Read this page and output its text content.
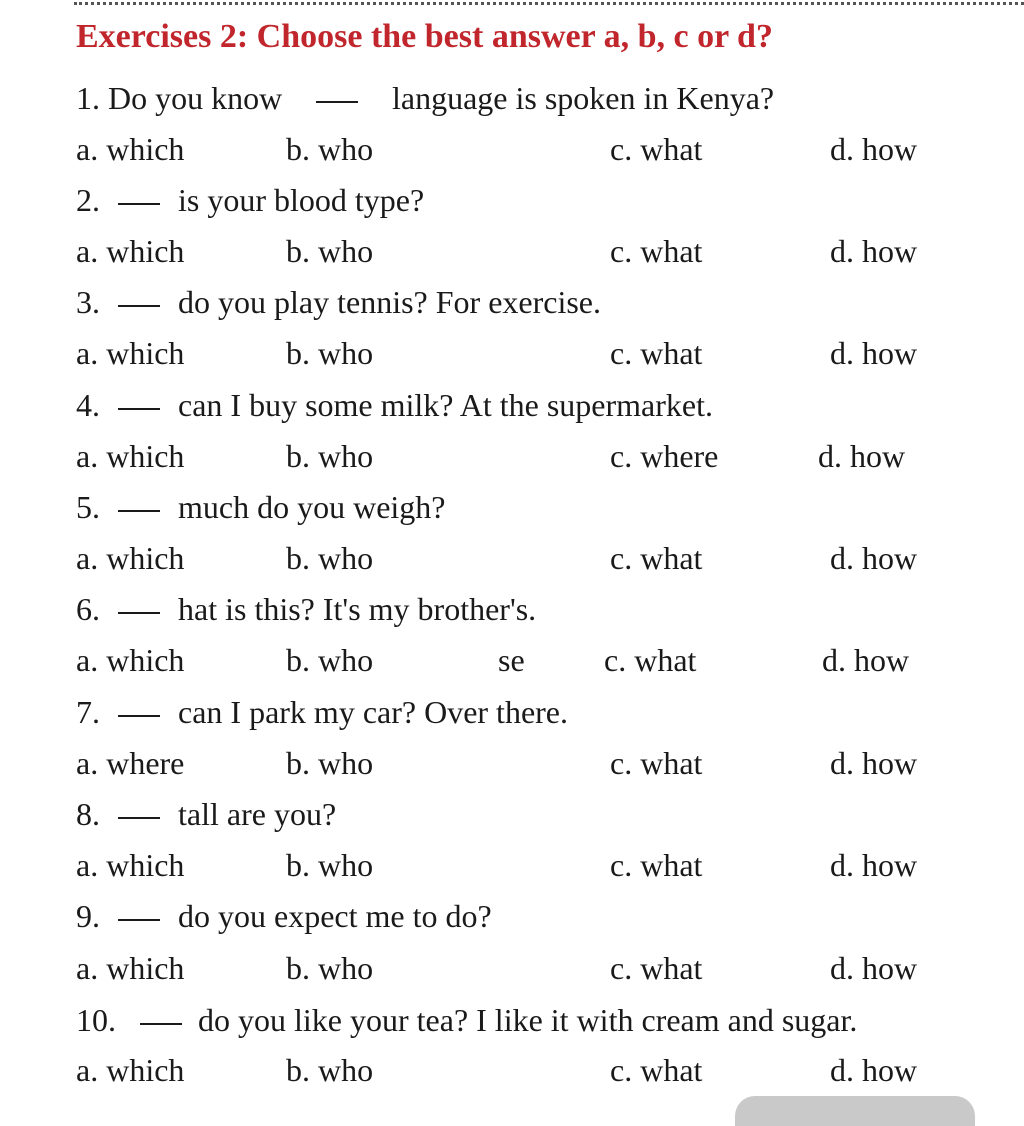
Exercises 2: Choose the best answer a, b, c or d?
1. Do you know	language is spoken in Kenya?
a. which	b. who	c. what	d. how
2. is your blood type?
a. which	b. who	c. what	d. how
3. do you play tennis? For exercise.
a. which	b. who	c. what	d. how
4. can I buy some milk? At the supermarket.
a. which	b. who	c. where	d. how
5. much do you weigh?
a. which	b. who	c. what	d. how
6. hat is this? It's my brother's.
a. which	b. who	se c. what	d. how
7. can I park my car? Over there.
a. where	b. who	c. what	d. how
8. tall are you?
a. which	b. who	c. what	d. how
9. do you expect me to do?
a. which	b. who	c. what	d. how
10.	do you like your tea? I like it with cream and sugar.
a. which	b. who	c. what	d. how
